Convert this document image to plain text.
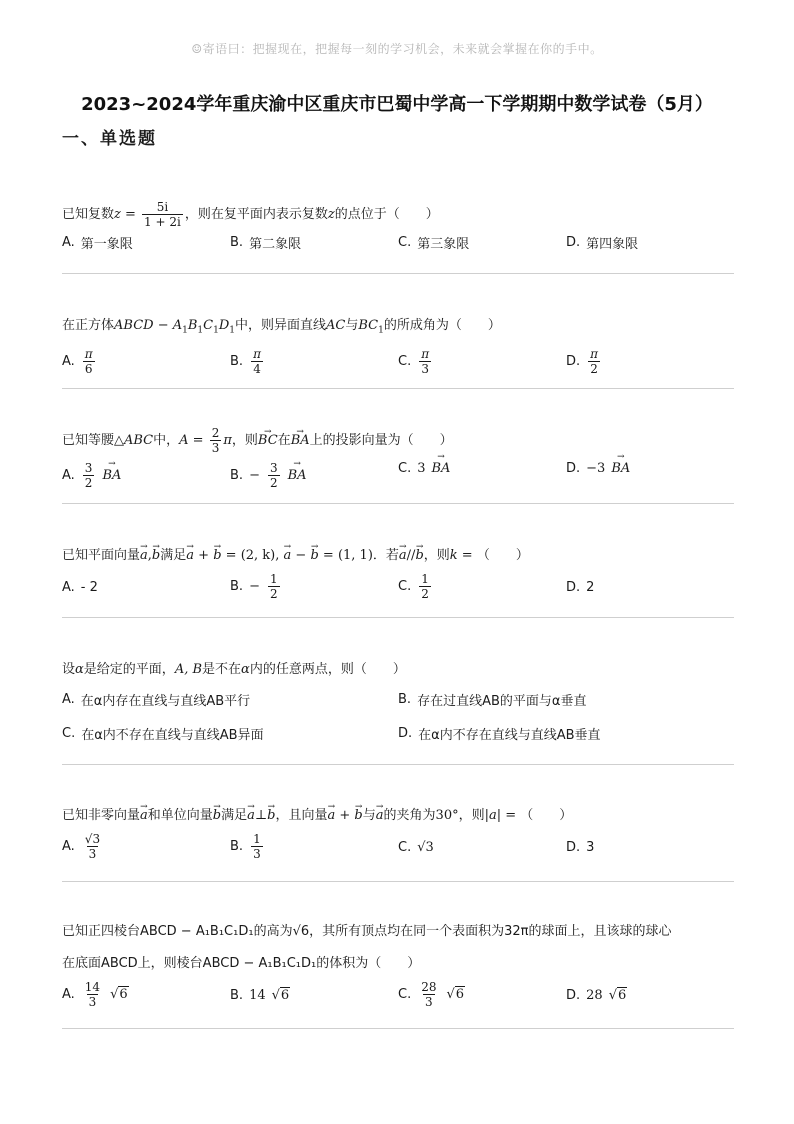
☺寄语曰：把握现在，把握每一刻的学习机会，未来就会掌握在你的手中。
2023~2024学年重庆渝中区重庆市巴蜀中学高一下学期期中数学试卷（5月）
一、单选题
已知复数$z = \frac{5i}{1 + 2i}$ ，则在复平面内表示复数z的点位于（　　）
A. 第一象限	B. 第二象限	C. 第三象限	D. 第四象限
在正方体ABCD − $A_1B_1C_1D_1$中，则异面直线AC与$BC_1$的所成角为（　　）
A. $\frac{\pi}{6}$	B. $\frac{\pi}{4}$	C. $\frac{\pi}{3}$	D. $\frac{\pi}{2}$
已知等腰△ABC中，$A = \frac{2}{3}$ π，则→ BC在→ BA上的投影向量为（　　）
A. $\frac{3}{2}$ → BA	B. − $\frac{3}{2}$ → BA	C. 3 → BA	D. −3 → BA
已知平面向量→ a,→ b满足→ a + → b = (2, k), → a − → b = (1, 1)．若→ a//→ b，则k = （　　）
A. - 2	B. − $\frac{1}{2}$	C. $\frac{1}{2}$	D. 2
设α是给定的平面，A, B是不在α内的任意两点，则（　　）
A. 在α内存在直线与直线AB平行	B. 存在过直线AB的平面与α垂直
C. 在α内不存在直线与直线AB异面	D. 在α内不存在直线与直线AB垂直
已知非零向量→ a和单位向量→ b满足→ a⊥→ b，且向量→ a + → b与→ a的夹角为30°，则|a| = （　　）
A. $\frac{√3}{3}$	B. $\frac{1}{3}$	C. √3	D. 3
已知正四棱台ABCD − A₁B₁C₁D₁的高为√6，其所有顶点均在同一个表面积为32π的球面上，且该球的球心
在底面ABCD上，则棱台ABCD − A₁B₁C₁D₁的体积为（　　）
A. $\frac{14}{3} √6$	B. 14 √6	C. $\frac{28}{3} √6$	D. 28 √6
